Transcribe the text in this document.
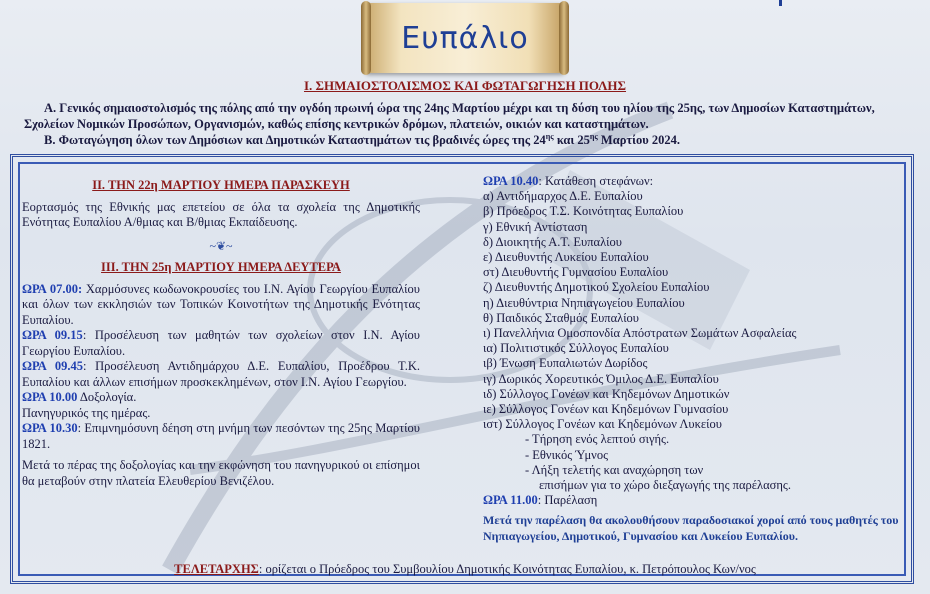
Ευπάλιο
Ι. ΣΗΜΑΙΟΣΤΟΛΙΣΜΟΣ ΚΑΙ ΦΩΤΑΓΩΓΗΣΗ ΠΟΛΗΣ

Α. Γενικός σημαιοστολισμός της πόλης από την ογδόη πρωινή ώρα της 24ης Μαρτίου μέχρι και τη δύση του ηλίου της 25ης, των Δημοσίων Καταστημάτων, Σχολείων Νομικών Προσώπων, Οργανισμών, καθώς επίσης κεντρικών δρόμων, πλατειών, οικιών και καταστημάτων.

Β. Φωταγώγηση όλων των Δημόσιων και Δημοτικών Καταστημάτων τις βραδινές ώρες της $24^{\eta\varsigma}$ και $25^{\eta\varsigma}$ Μαρτίου 2024.

ΙΙ. ΤΗΝ 22η ΜΑΡΤΙΟΥ ΗΜΕΡΑ ΠΑΡΑΣΚΕΥΗ

Εορτασμός της Εθνικής μας επετείου σε όλα τα σχολεία της Δημοτικής Ενότητας Ευπαλίου Α/θμιας και Β/θμιας Εκπαίδευσης.

~❦~

ΙΙΙ. ΤΗΝ 25η ΜΑΡΤΙΟΥ ΗΜΕΡΑ ΔΕΥΤΕΡΑ

ΩΡΑ 07.00: Χαρμόσυνες κωδωνοκρουσίες του Ι.Ν. Αγίου Γεωργίου Ευπαλίου και όλων των εκκλησιών των Τοπικών Κοινοτήτων της Δημοτικής Ενότητας Ευπαλίου.

ΩΡΑ 09.15: Προσέλευση των μαθητών των σχολείων στον Ι.Ν. Αγίου Γεωργίου Ευπαλίου.

ΩΡΑ 09.45: Προσέλευση Αντιδημάρχου Δ.Ε. Ευπαλίου, Προέδρου Τ.Κ. Ευπαλίου και άλλων επισήμων προσκεκλημένων, στον Ι.Ν. Αγίου Γεωργίου.

ΩΡΑ 10.00 Δοξολογία.

Πανηγυρικός της ημέρας.

ΩΡΑ 10.30: Επιμνημόσυνη δέηση στη μνήμη των πεσόντων της 25ης Μαρτίου 1821.

Μετά το πέρας της δοξολογίας και την εκφώνηση του πανηγυρικού οι επίσημοι θα μεταβούν στην πλατεία Ελευθερίου Βενιζέλου.

ΩΡΑ 10.40: Κατάθεση στεφάνων:

α) Αντιδήμαρχος Δ.Ε. Ευπαλίου

β) Πρόεδρος Τ.Σ. Κοινότητας Ευπαλίου

γ) Εθνική Αντίσταση

δ) Διοικητής Α.Τ. Ευπαλίου

ε) Διευθυντής Λυκείου Ευπαλίου

στ) Διευθυντής Γυμνασίου Ευπαλίου

ζ) Διευθυντής Δημοτικού Σχολείου Ευπαλίου

η) Διευθύντρια Νηπιαγωγείου Ευπαλίου

θ) Παιδικός Σταθμός Ευπαλίου

ι) Πανελλήνια Ομοσπονδία Απόστρατων Σωμάτων Ασφαλείας

ια) Πολιτιστικός Σύλλογος Ευπαλίου

ιβ) Ένωση Ευπαλιωτών Δωρίδος

ιγ) Δωρικός Χορευτικός Όμιλος Δ.Ε. Ευπαλίου

ιδ) Σύλλογος Γονέων και Κηδεμόνων Δημοτικών

ιε) Σύλλογος Γονέων και Κηδεμόνων Γυμνασίου

ιστ) Σύλλογος Γονέων και Κηδεμόνων Λυκείου

- Τήρηση ενός λεπτού σιγής.

- Εθνικός Ύμνος

- Λήξη τελετής και αναχώρηση των

επισήμων για το χώρο διεξαγωγής της παρέλασης.

ΩΡΑ 11.00: Παρέλαση

Μετά την παρέλαση θα ακολουθήσουν παραδοσιακοί χοροί από τους μαθητές του Νηπιαγωγείου, Δημοτικού, Γυμνασίου και Λυκείου Ευπαλίου.

ΤΕΛΕΤΑΡΧΗΣ: ορίζεται ο Πρόεδρος του Συμβουλίου Δημοτικής Κοινότητας Ευπαλίου, κ. Πετρόπουλος Κων/νος
